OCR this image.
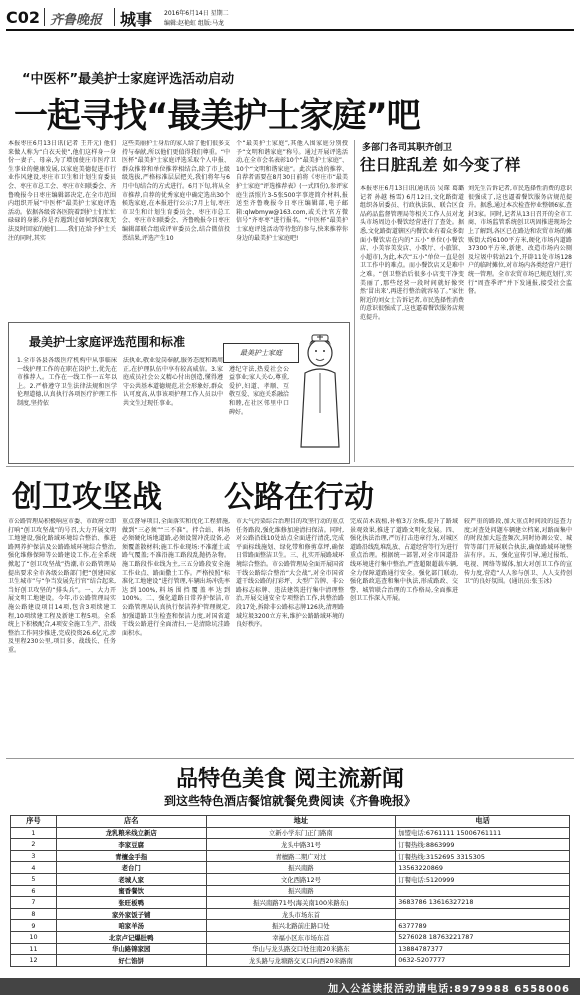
C02 齐鲁晚报 城事 2016年6月14日 星期二
编辑:赵艳虹 组版:马龙
“中医杯”最美护士家庭评选活动启动
一起寻找“最美护士家庭”吧
本报枣庄6月13日讯(记者 王开元) 他们来做人称为“白衣天使”,他们这样身一身份一妻子、母亲,为了增加使庄市医疗卫生事业的健康发展,以家庭美德促进市行业作风建设,枣庄市卫生和计划生育委员会、枣庄市总工会、枣庄市妇联委会、齐鲁晚报今日枣庄编辑部决定,在全市范围内组织开展“中医杯”最美护士家庭评选活动。依据各级省各医院着到护士们忙忙碌碌的身影,你是否遇到过如何到深夜无法及时回家的她们……我们在给予护士关注的同时,其实
这些美丽护士身后的家人给了他们很多支持与奉献,所以他们更值得我们尊重。“中医杯”最美护士家庭评选采取个人申报、群众推荐和单位推荐相结合,除了市上级级选拔,严格标准层层把关,我们将年与6月中旬结合的方式进行。6月下旬,将从全市推荐,自荐的优秀家庭中确定选出30个候选家庭,在本报进行公示;7月上旬,枣庄市卫生和计划生育委员会、枣庄市总工会、枣庄市妇联委会、齐鲁晚报今日枣庄编辑部联合组成评审委员会,结合微信投票结果,评选产生10
个“最美护士家庭”,其他入围家庭分别授予“文明和谐家庭”称号。通过开展评选活动,在全市会名表彰10个“最美护士家庭”、10个“文明和谐家庭”。此次活动的推荐、自荐者需要在8月30日前将《枣庄市“最美护士家庭”评选推荐表》(一式四份),参评家庭生活照片3-5张500字事迹简介材料,报送至齐鲁晚报今日枣庄编辑部,电子邮箱:qlwbmyw@163.com,或关注官方微信号“齐枣枣”进行报名。“中医杯”最美护士家庭评选活动等待您的参与,快来推荐你身边的最美护士家庭吧!
最美护士家庭评选范围和标准
1.全市各县各级医疗机构中从事临床一线护理工作的在职在岗护士,优先在市推荐人。工作在一线工作一五年以上。2.严格遵守卫生法律法规和医学伦理道德,认真执行各项医疗护理工作制度,坚持依
法执业,敬业爱岗奉献,服务态度和蔼周正,在护理队伍中享有较高威信。3.家庭成员社会公义精心付出创造,懂得遵守公共基本道德规范,社会形象好,群众认可度高,从事该项护理工作人员以中共文生过现任事业。
遵纪守法,热爱社会公益事业;家人关心,尊重,爱护,妇道、孝顺、互敬互爱、家庭关系融洽和睦,在社区邻里中口碑好。
最美护士家庭
多部门各司其职齐创卫
往日脏乱差 如今变了样
本报枣庄6月13日讯(通讯员 吴琛 葛璐 记者 孙越 杨雪) 6月12日,文化路街道组织各居委员、行政执法队、联合区食品药品监督管理局等相关工作人员对龙头市场周边小餐饮经营进行了查处。据悉,文化路街道辖区内餐饮业有着众多街面小餐饮店在内的“五小”单位(小餐饮店、小美容美发店、小歌厅、小旅馆、小超市),为此,本次“五小”单位一直是创卫工作中的难点。而小餐饮店又是难中之难。“创卫整治后很多小店变干净变美丽了,那些经营一段时间就好像突然‘冒出来’,再进行整治就容易了。”家住附近的刘女士告诉记者,市民选择性消费的意识很强成了,这也逼着餐饮服务店规范提升。
刘先生告诉记者,市民选择性消费的意识很强成了,这也逼着餐饮服务店规范提升。据悉,通过本次检查停业整顿6家,查封3家。同时,记者从13日召开的全市工商、市场监管系统创卫巩固推进现场会上了解到,各区已在路边和农贸市场的摊贩街大约6100平方米,硬化市场内道路37300平方米,新建、改造市场内公厕及垃圾中转站21个,开辟11处市场128户的临时摊位,对市场内各类经营户进行统一管理。全市农贸市场已规范划行,实行“周查季评”并下发通报,接受社会监督。
创卫攻坚战 公路在行动
市公路管理局积极响应市委、市政府立即打响“创卫攻坚战”的号召,大力开展文明工地建设,强化路域环境综合整治、推进路网养护保洁及公路路域环境综合整治,强化维修保障等公路建设工作,在全系统掀起了“创卫攻坚战”热潮,市公路管理局提出要求全市各级公路部门把“创建国家卫生城市”与“争当发展先行官”结合起来,当好创卫攻坚的“排头兵”。一、大力开展文明工地建设。今年,市公路管理局实施公路建设项目14项,包含3项续建工程,10项续建工程及新建工程5项。全系统上下积极配合,4项安全施工生产、沿线整治工作同步推进,完成投资26.6亿元,涉及里程230公里,项目多、战线长、任务重。
重点督导项目,全面落实和优化工程措施,做到“三必须”“三不准”。拌合站、料场必须硬化场地道路,必须设置冲洗设备,必须覆盖散材料;施工作业现场:不准灌土或路气覆盖;不准沿施工路段乱抛扔杂物。施工路段作业线为主,三五分路段安全施工作业点、路面撒土工作。严格按照“标准化工地建设”进行管理,车辆出场冲洗率达到100%,料场围挡覆盖率达到100%。二、强化道路日常养护保洁,市公路管理局认真执行保洁养护管理规定,加强道路卫生检查和保洁力度,对国省道干线公路进行全面清扫,一是清除坑洼路面积水。
市大气污染综合治理目的攻坚行动的重点任务路段,强化维修加速清扫保洁。同时,对公路沿线10处站点全面进行清洗,完成平面标线施划、绿化带和修剪草坪,确保日常路面整洁卫生。三、扎实开展路域环境综合整治。市公路管理局全面开展国省干线公路综合整治“大会战”,对全市国省道干线公路的打彩坪、大型广告牌、非公路标志标牌、违法建筑进行集中清理整治,开展交通安全专项整治工作,共整治路段17处,拆除非公路标志牌126块,清理路域垃圾3200立方米,维护公路路域环境的良好秩序。
完成苗木栽植,补植3万余株,提升了路域景观效果,推进了道路文明化发展。四、强化执法治理,严厉打击违章行为,对城区道路沿线乱堆乱放、占道经营等行为进行重点治理。根据统一部署,对全市国道沿线环境进行集中整治,严查超限超载车辆,全力保障道路通行安全。强化部门联动,强化路政巡查和集中执法,形成路政、交警、城管联合治理的工作格局,全面推进创卫工作深入开展。
较严重的路段,加大重点时间段的巡查力度;对查处问题车辆建立档案,对路面集中的时段加大巡查频次,同时协调公安、城管等部门开展联合执法,确保路域环境整洁有序。五、强化宣传引导,通过报纸、电视、网络等媒体,加大对创卫工作的宣传力度,营造“人人参与创卫、人人支持创卫”的良好氛围。(通讯员:张玉冰)
品特色美食 阅主流新闻
到这些特色酒店餐馆就餐免费阅读《齐鲁晚报》
序号	店名	地址	电话
1	龙乳粮米线立新店	立新小学东门正门路南	加盟电话:6761111 15006761111
2	李家豆腐	龙头中路31号	订餐热线:8863999
3	青檀金手指	青檀路二期广对过	订餐热线:3152695 3315305
4	老台门	振兴南路	13563220869
5	老城人家	文化西路12号	订餐电话:5120999
6	蜜香餐饮	振兴南路	
7	张旺板鸭	振兴南路71号(海关南100米路东)	3683786 13616327218
8	家外家饭子铺	龙头市场东首	
9	咱家羊汤	振兴北路前庄路口处	6377789
10	北京卢记爆肚鸭	幸福小区东市场东首	5276028 18763221787
11	华山路锦家园	华山与龙头路交口处往南20米路东	13884787377
12	好仁馅饼	龙头路与龙塘路交叉口向西20米路南	0632-5207777
加入公益读报活动请电话:8979988 6558006
